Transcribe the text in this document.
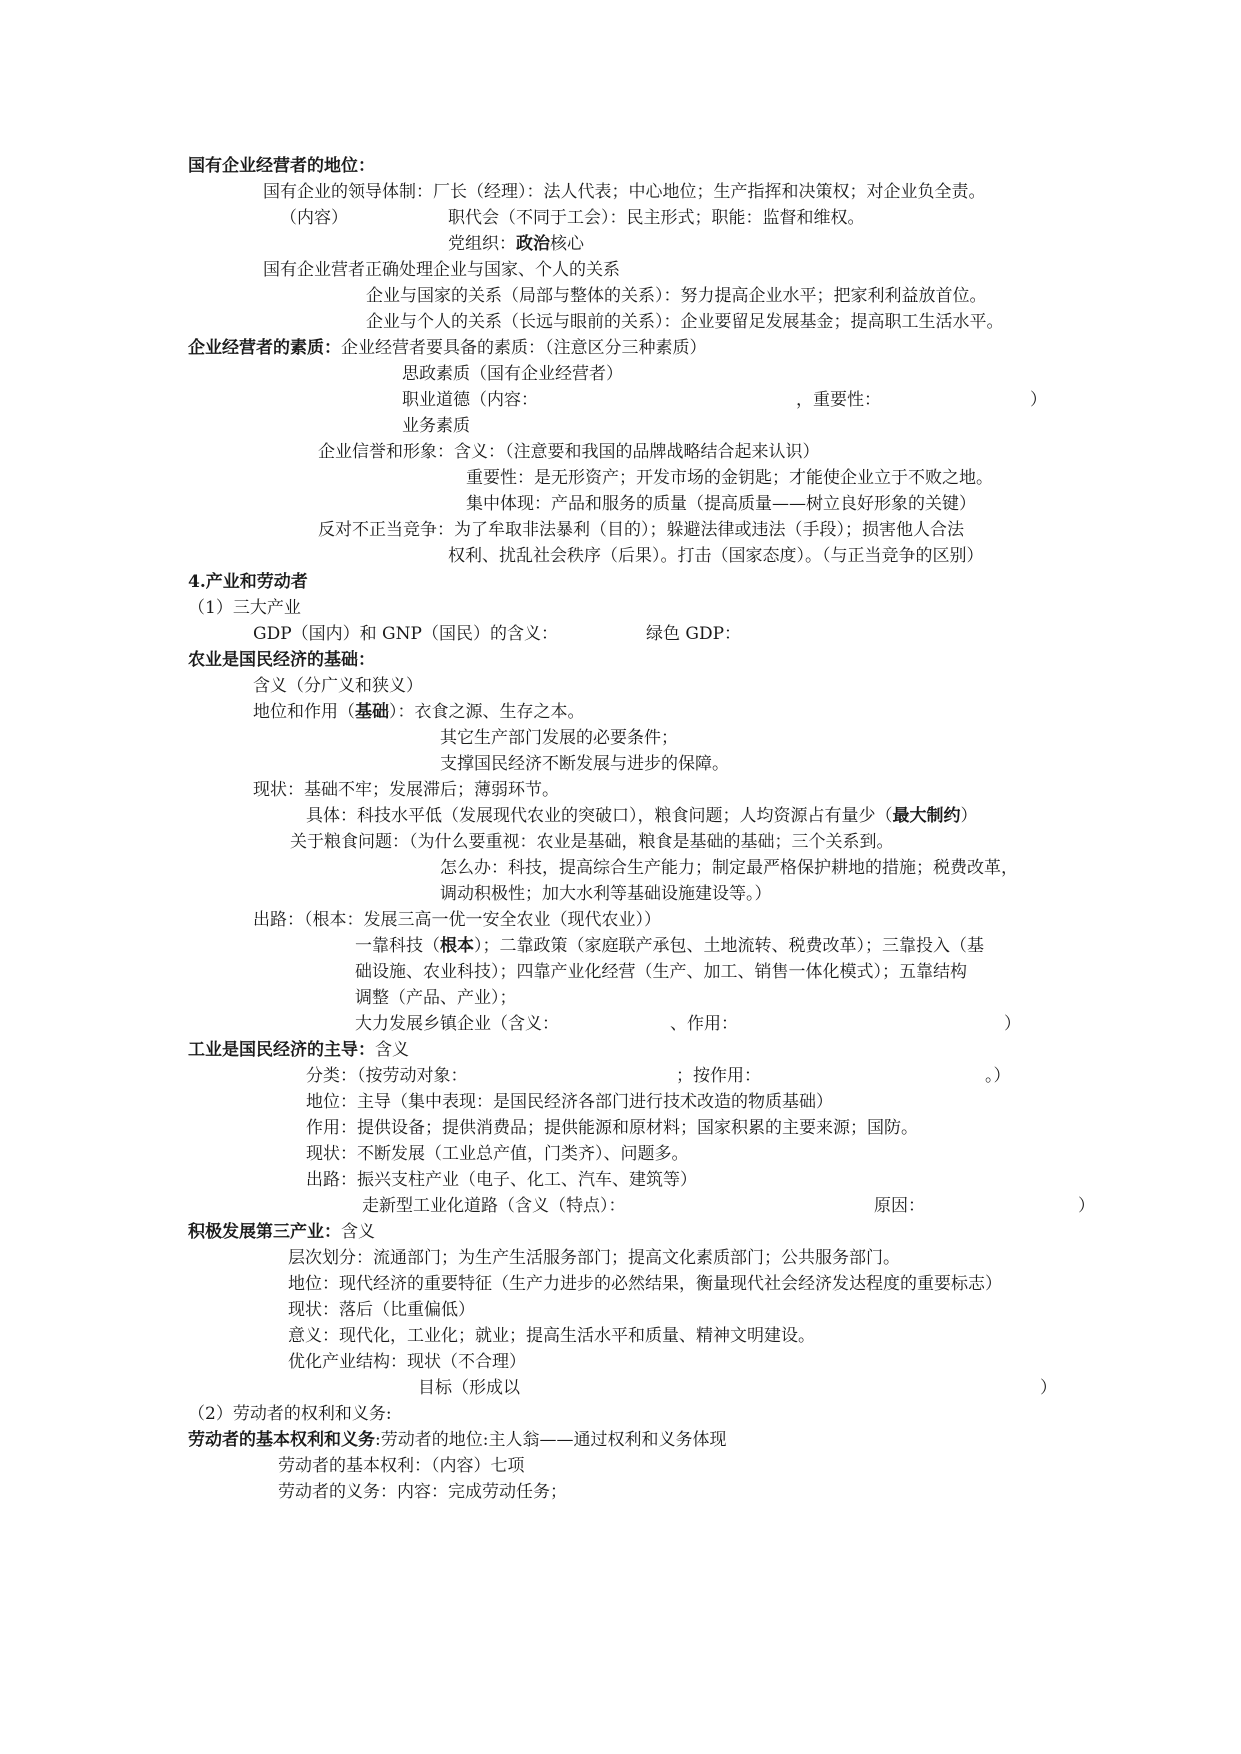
国有企业经营者的地位：
国有企业的领导体制：厂长（经理）：法人代表；中心地位；生产指挥和决策权；对企业负全责。
（内容）	职代会（不同于工会）：民主形式；职能：监督和维权。
党组织：政治核心
国有企业营者正确处理企业与国家、个人的关系
企业与国家的关系（局部与整体的关系）：努力提高企业水平；把家利利益放首位。
企业与个人的关系（长远与眼前的关系）：企业要留足发展基金；提高职工生活水平。
企业经营者的素质：企业经营者要具备的素质：（注意区分三种素质）
思政素质（国有企业经营者）
职业道德（内容：	，重要性：	）
业务素质
企业信誉和形象：含义：（注意要和我国的品牌战略结合起来认识）
重要性：是无形资产；开发市场的金钥匙；才能使企业立于不败之地。
集中体现：产品和服务的质量（提高质量——树立良好形象的关键）
反对不正当竞争：为了牟取非法暴利（目的）；躲避法律或违法（手段）；损害他人合法
权利、扰乱社会秩序（后果）。打击（国家态度）。（与正当竞争的区别）
4.产业和劳动者
（1）三大产业
GDP（国内）和 GNP（国民）的含义：	绿色 GDP：
农业是国民经济的基础：
含义（分广义和狭义）
地位和作用（基础）：衣食之源、生存之本。
其它生产部门发展的必要条件；
支撑国民经济不断发展与进步的保障。
现状：基础不牢；发展滞后；薄弱环节。
具体：科技水平低（发展现代农业的突破口），粮食问题；人均资源占有量少（最大制约）
关于粮食问题：（为什么要重视：农业是基础，粮食是基础的基础；三个关系到。
怎么办：科技，提高综合生产能力；制定最严格保护耕地的措施；税费改革，
调动积极性；加大水利等基础设施建设等。）
出路：（根本：发展三高一优一安全农业（现代农业））
一靠科技（根本）；二靠政策（家庭联产承包、土地流转、税费改革）；三靠投入（基
础设施、农业科技）；四靠产业化经营（生产、加工、销售一体化模式）；五靠结构
调整（产品、产业）；
大力发展乡镇企业（含义：	、作用：	）
工业是国民经济的主导：含义
分类：（按劳动对象：	；按作用：	。）
地位：主导（集中表现：是国民经济各部门进行技术改造的物质基础）
作用：提供设备；提供消费品；提供能源和原材料；国家积累的主要来源；国防。
现状：不断发展（工业总产值，门类齐）、问题多。
出路：振兴支柱产业（电子、化工、汽车、建筑等）
走新型工业化道路（含义（特点）：	原因：	）
积极发展第三产业：含义
层次划分：流通部门；为生产生活服务部门；提高文化素质部门；公共服务部门。
地位：现代经济的重要特征（生产力进步的必然结果，衡量现代社会经济发达程度的重要标志）
现状：落后（比重偏低）
意义：现代化，工业化；就业；提高生活水平和质量、精神文明建设。
优化产业结构：现状（不合理）
目标（形成以	）
（2）劳动者的权利和义务:
劳动者的基本权利和义务:劳动者的地位:主人翁——通过权利和义务体现
劳动者的基本权利：（内容）七项
劳动者的义务：内容：完成劳动任务；
